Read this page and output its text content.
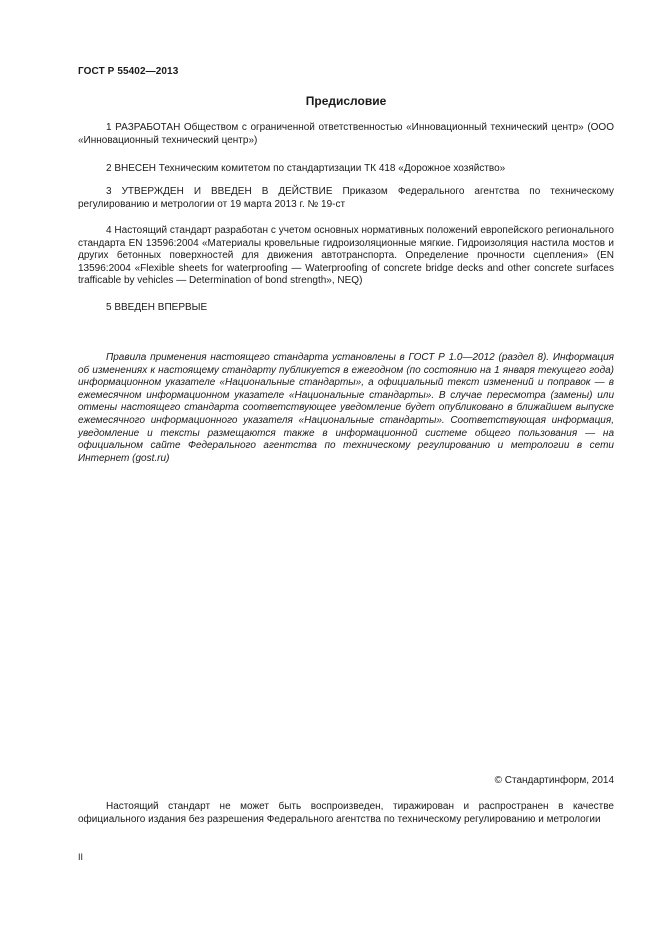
ГОСТ Р 55402—2013
Предисловие

1 РАЗРАБОТАН Обществом с ограниченной ответственностью «Инновационный технический центр» (ООО «Инновационный технический центр»)

2 ВНЕСЕН Техническим комитетом по стандартизации ТК 418 «Дорожное хозяйство»

3 УТВЕРЖДЕН И ВВЕДЕН В ДЕЙСТВИЕ Приказом Федерального агентства по техническому регулированию и метрологии от 19 марта 2013 г. № 19-ст

4 Настоящий стандарт разработан с учетом основных нормативных положений европейского регионального стандарта EN 13596:2004 «Материалы кровельные гидроизоляционные мягкие. Гидроизоляция настила мостов и других бетонных поверхностей для движения автотранспорта. Определение прочности сцепления» (EN 13596:2004 «Flexible sheets for waterproofing — Waterproofing of concrete bridge decks and other concrete surfaces trafficable by vehicles — Determination of bond strength», NEQ)

5 ВВЕДЕН ВПЕРВЫЕ

Правила применения настоящего стандарта установлены в ГОСТ Р 1.0—2012 (раздел 8). Информация об изменениях к настоящему стандарту публикуется в ежегодном (по состоянию на 1 января текущего года) информационном указателе «Национальные стандарты», а официальный текст изменений и поправок — в ежемесячном информационном указателе «Национальные стандарты». В случае пересмотра (замены) или отмены настоящего стандарта соответствующее уведомление будет опубликовано в ближайшем выпуске ежемесячного информационного указателя «Национальные стандарты». Соответствующая информация, уведомление и тексты размещаются также в информационной системе общего пользования — на официальном сайте Федерального агентства по техническому регулированию и метрологии в сети Интернет (gost.ru)

© Стандартинформ, 2014

Настоящий стандарт не может быть воспроизведен, тиражирован и распространен в качестве официального издания без разрешения Федерального агентства по техническому регулированию и метрологии

II
